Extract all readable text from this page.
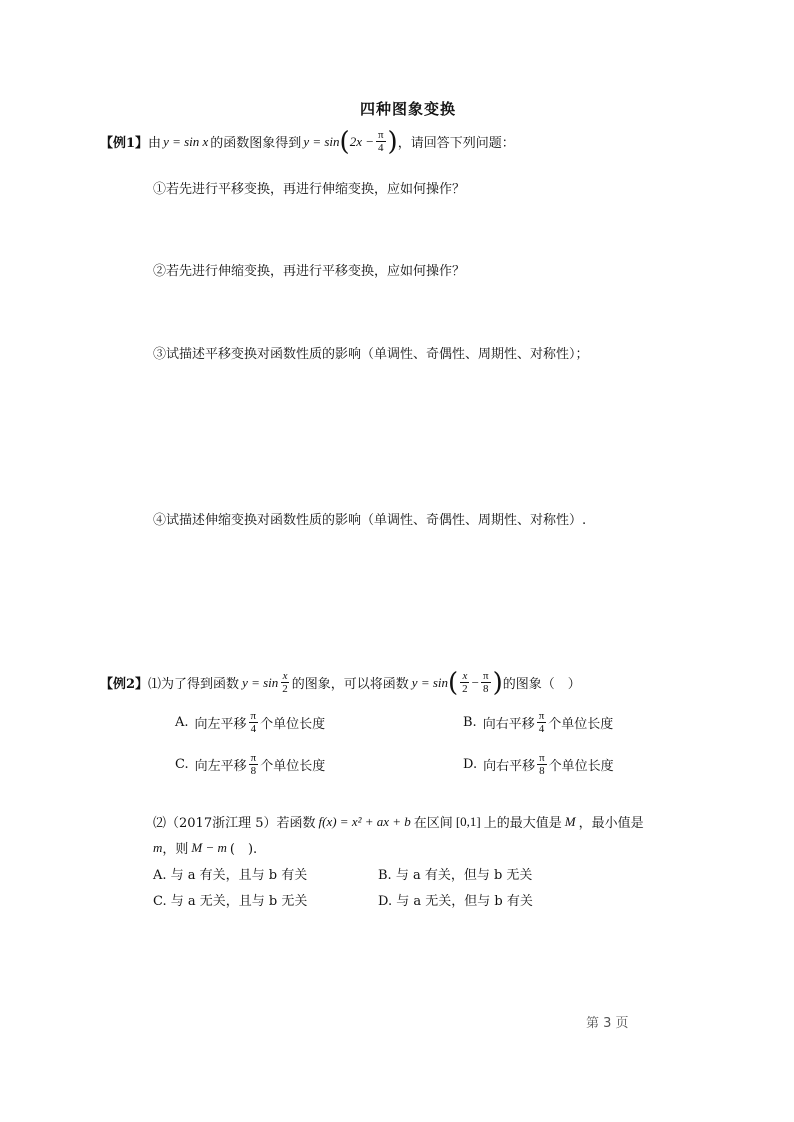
四种图象变换
【例1】 由 y = sin x 的函数图象得到 y = sin ( $2x - \frac{\pi}{4}$ ) ，请回答下列问题：
①若先进行平移变换，再进行伸缩变换，应如何操作？
②若先进行伸缩变换，再进行平移变换，应如何操作？
③试描述平移变换对函数性质的影响（单调性、奇偶性、周期性、对称性）；
④试描述伸缩变换对函数性质的影响（单调性、奇偶性、周期性、对称性）.
【例2】 ⑴为了得到函数 $y = \sin \frac{x}{2}$ 的图象，可以将函数 y = sin ( $\frac{x}{2} - \frac{\pi}{8}$ ) 的图象（　）
A. 向左平移 $\frac{\pi}{4}$ 个单位长度	B. 向右平移 $\frac{\pi}{4}$ 个单位长度
C. 向左平移 $\frac{\pi}{8}$ 个单位长度	D. 向右平移 $\frac{\pi}{8}$ 个单位长度
⑵（2017浙江理 5）若函数 f(x) = x² + ax + b 在区间 [0,1] 上的最大值是 M ，最小值是
m ，则 M − m (　).
A. 与 a 有关，且与 b 有关	B. 与 a 有关，但与 b 无关
C. 与 a 无关，且与 b 无关	D. 与 a 无关，但与 b 有关
第 3 页
